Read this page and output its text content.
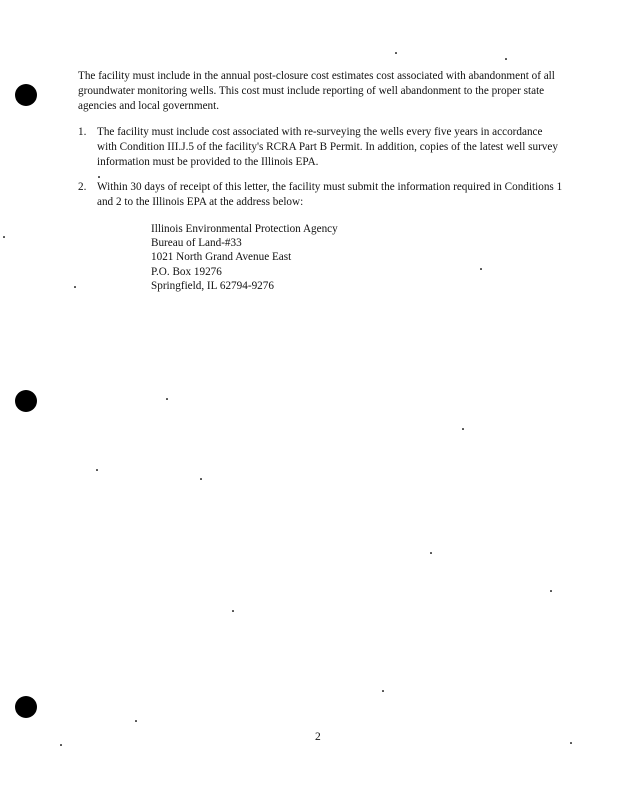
The facility must include in the annual post-closure cost estimates cost associated with abandonment of all groundwater monitoring wells. This cost must include reporting of well abandonment to the proper state agencies and local government.

1. The facility must include cost associated with re-surveying the wells every five years in accordance with Condition III.J.5 of the facility's RCRA Part B Permit. In addition, copies of the latest well survey information must be provided to the Illinois EPA.
2. Within 30 days of receipt of this letter, the facility must submit the information required in Conditions 1 and 2 to the Illinois EPA at the address below:
Illinois Environmental Protection Agency
Bureau of Land-#33
1021 North Grand Avenue East
P.O. Box 19276
Springfield, IL 62794-9276
2
